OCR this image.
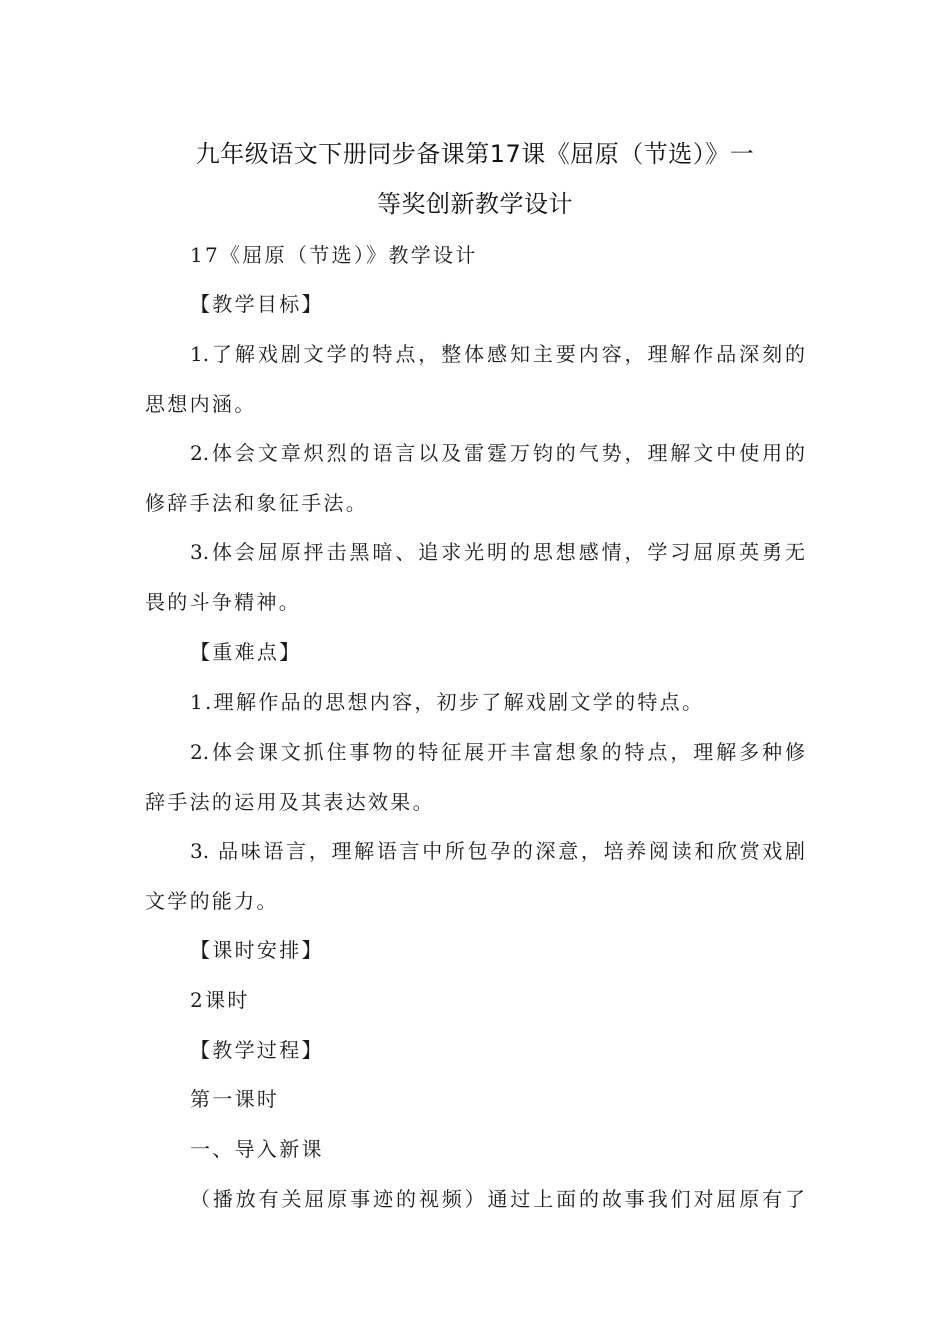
九年级语文下册同步备课第17课《屈原（节选）》一
等奖创新教学设计
17《屈原（节选）》教学设计
【教学目标】
1.了解戏剧文学的特点，整体感知主要内容，理解作品深刻的
思想内涵。
2.体会文章炽烈的语言以及雷霆万钧的气势，理解文中使用的
修辞手法和象征手法。
3.体会屈原抨击黑暗、追求光明的思想感情，学习屈原英勇无
畏的斗争精神。
【重难点】
1.理解作品的思想内容，初步了解戏剧文学的特点。
2.体会课文抓住事物的特征展开丰富想象的特点，理解多种修
辞手法的运用及其表达效果。
3. 品味语言，理解语言中所包孕的深意，培养阅读和欣赏戏剧
文学的能力。
【课时安排】
2课时
【教学过程】
第一课时
一、导入新课
（播放有关屈原事迹的视频）通过上面的故事我们对屈原有了
